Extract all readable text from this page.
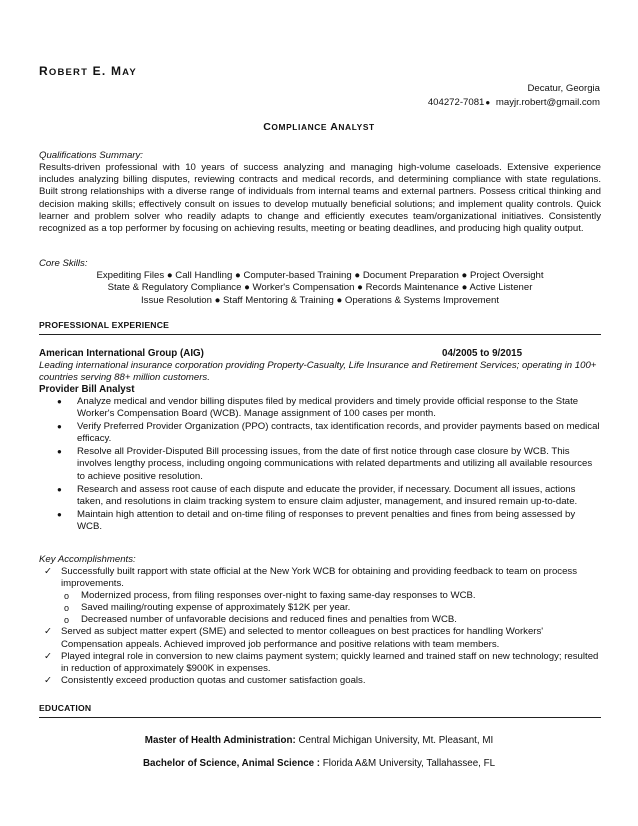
ROBERT E. MAY
Decatur, Georgia
404272-7081● mayjr.robert@gmail.com
COMPLIANCE ANALYST
Qualifications Summary:
Results-driven professional with 10 years of success analyzing and managing high-volume caseloads. Extensive experience includes analyzing billing disputes, reviewing contracts and medical records, and determining compliance with state regulations. Built strong relationships with a diverse range of individuals from internal teams and external partners. Possess critical thinking and decision making skills; effectively consult on issues to develop mutually beneficial solutions; and implement quality controls. Quick learner and problem solver who readily adapts to change and efficiently executes team/organizational initiatives. Consistently recognized as a top performer by focusing on achieving results, meeting or beating deadlines, and producing high quality output.
Core Skills:
Expediting Files ● Call Handling ● Computer-based Training ● Document Preparation ● Project Oversight
State & Regulatory Compliance ● Worker's Compensation ● Records Maintenance ● Active Listener
Issue Resolution ● Staff Mentoring & Training ● Operations & Systems Improvement
PROFESSIONAL EXPERIENCE
American International Group (AIG)	04/2005 to 9/2015
Leading international insurance corporation providing Property-Casualty, Life Insurance and Retirement Services; operating in 100+ countries serving 88+ million customers.
Provider Bill Analyst
● Analyze medical and vendor billing disputes filed by medical providers and timely provide official response to the State Worker's Compensation Board (WCB). Manage assignment of 100 cases per month.
● Verify Preferred Provider Organization (PPO) contracts, tax identification records, and provider payments based on medical efficacy.
● Resolve all Provider-Disputed Bill processing issues, from the date of first notice through case closure by WCB. This involves lengthy process, including ongoing communications with related departments and utilizing all available resources to achieve positive resolution.
● Research and assess root cause of each dispute and educate the provider, if necessary. Document all issues, actions taken, and resolutions in claim tracking system to ensure claim adjuster, management, and insured remain up-to-date.
● Maintain high attention to detail and on-time filing of responses to prevent penalties and fines from being assessed by WCB.
Key Accomplishments:
✓ Successfully built rapport with state official at the New York WCB for obtaining and providing feedback to team on process improvements.
o Modernized process, from filing responses over-night to faxing same-day responses to WCB.
o Saved mailing/routing expense of approximately $12K per year.
o Decreased number of unfavorable decisions and reduced fines and penalties from WCB.
✓ Served as subject matter expert (SME) and selected to mentor colleagues on best practices for handling Workers' Compensation appeals. Achieved improved job performance and positive relations with team members.
✓ Played integral role in conversion to new claims payment system; quickly learned and trained staff on new technology; resulted in reduction of approximately $900K in expenses.
✓ Consistently exceed production quotas and customer satisfaction goals.
EDUCATION
Master of Health Administration: Central Michigan University, Mt. Pleasant, MI
Bachelor of Science, Animal Science : Florida A&M University, Tallahassee, FL
